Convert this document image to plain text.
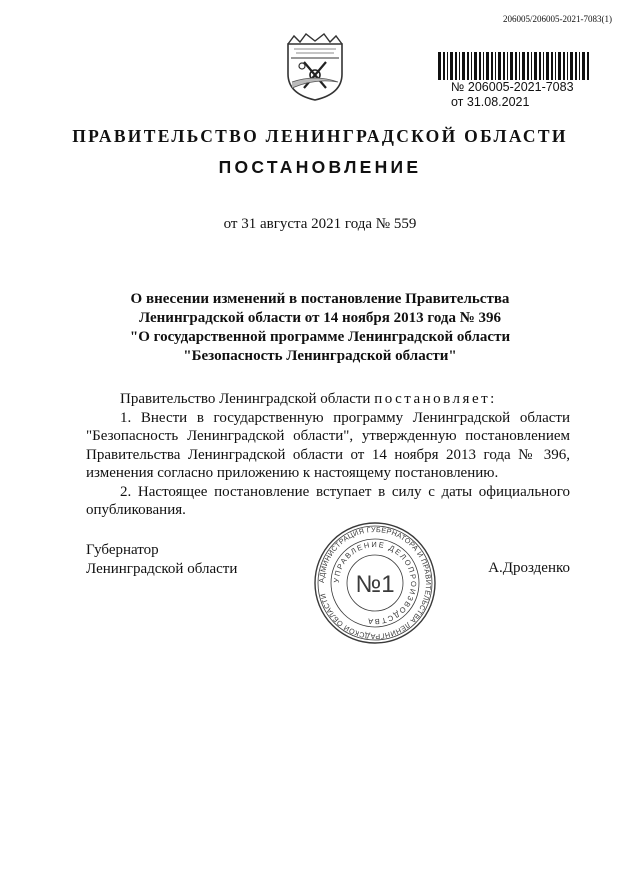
206005/206005-2021-7083(1)
№ 206005-2021-7083
от 31.08.2021
ПРАВИТЕЛЬСТВО ЛЕНИНГРАДСКОЙ ОБЛАСТИ
ПОСТАНОВЛЕНИЕ
от 31 августа 2021 года № 559
О внесении изменений в постановление Правительства
Ленинградской области от 14 ноября 2013 года № 396
"О государственной программе Ленинградской области
"Безопасность Ленинградской области"
Правительство Ленинградской области постановляет:
1. Внести в государственную программу Ленинградской области
"Безопасность Ленинградской области", утвержденную постановлением
Правительства Ленинградской области от 14 ноября 2013 года № 396,
изменения согласно приложению к настоящему постановлению.
2. Настоящее постановление вступает в силу с даты официального
опубликования.
Губернатор
Ленинградской области	А.Дрозденко
АДМИНИСТРАЦИЯ ГУБЕРНАТОРА И ПРАВИТЕЛЬСТВА ЛЕНИНГРАДСКОЙ ОБЛАСТИ
УПРАВЛЕНИЕ ДЕЛОПРОИЗВОДСТВА
№1
